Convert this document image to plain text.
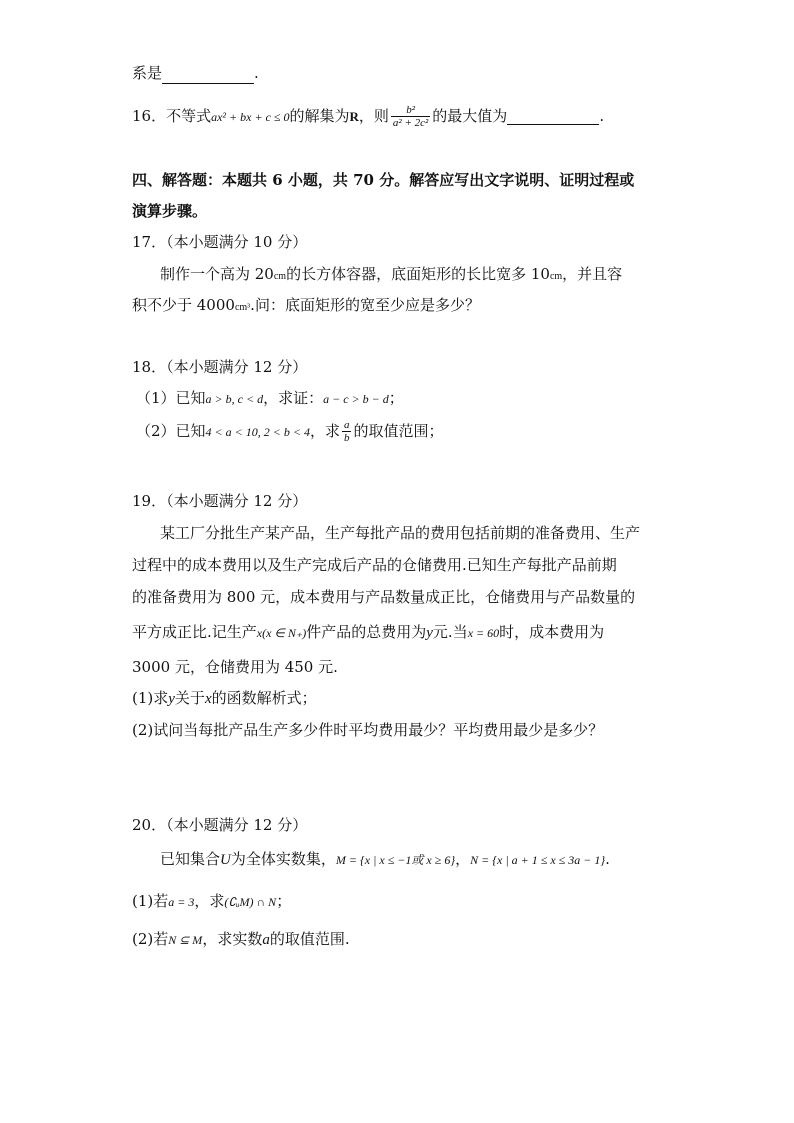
系是	.
16． 不等式 ax² + bx + c ≤ 0 的解集为 R ，则 $\frac{\text{b²}}{\text{a² + 2c²}}$ 的最大值为
	.
四、解答题：本题共 6 小题，共 70 分。解答应写出文字说明、证明过程或
演算步骤。
17．（本小题满分 10 分）
制作一个高为 20cm的长方体容器，底面矩形的长比宽多 10cm，并且容
积不少于 4000cm³.问：底面矩形的宽至少应是多少？
18．（本小题满分 12 分）
（1）已知a > b, c < d，求证：a − c > b − d；
（2）已知 4 < a < 10, 2 < b < 4 ，求 $\frac{a}{b}$ 的取值范围；
19．（本小题满分 12 分）
某工厂分批生产某产品，生产每批产品的费用包括前期的准备费用、生产
过程中的成本费用以及生产完成后产品的仓储费用.已知生产每批产品前期
的准备费用为 800 元，成本费用与产品数量成正比，仓储费用与产品数量的
平方成正比.记生产x(x ∈ N₊)件产品的总费用为y元.当x = 60时，成本费用为
3000 元，仓储费用为 450 元.
(1)求y关于x的函数解析式；
(2)试问当每批产品生产多少件时平均费用最少？平均费用最少是多少？
20．（本小题满分 12 分）
已知集合U为全体实数集，M = {x | x ≤ −1或 x ≥ 6}，N = {x | a + 1 ≤ x ≤ 3a − 1}.
(1)若a = 3，求(∁ᵤM) ∩ N；
(2)若N ⊆ M，求实数a的取值范围.
